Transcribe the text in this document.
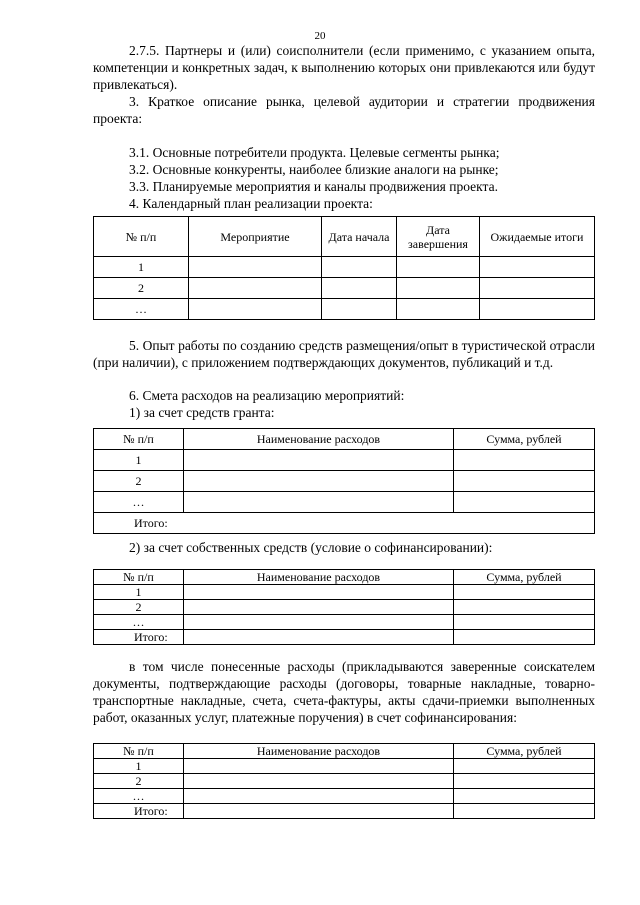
20
2.7.5. Партнеры и (или) соисполнители (если применимо, с указанием опыта, компетенции и конкретных задач, к выполнению которых они привлекаются или будут привлекаться).
3. Краткое описание рынка, целевой аудитории и стратегии продвижения проекта:
3.1. Основные потребители продукта. Целевые сегменты рынка;
3.2. Основные конкуренты, наиболее близкие аналоги на рынке;
3.3. Планируемые мероприятия и каналы продвижения проекта.
4. Календарный план реализации проекта:
№ п/п	Мероприятие	Дата начала	Дата завершения	Ожидаемые итоги
1				
2				
…				
5. Опыт работы по созданию средств размещения/опыт в туристической отрасли (при наличии), с приложением подтверждающих документов, публикаций и т.д.
6. Смета расходов на реализацию мероприятий:
1) за счет средств гранта:
№ п/п	Наименование расходов	Сумма, рублей
1		
2		
…		
Итого:		
2) за счет собственных средств (условие о софинансировании):
№ п/п	Наименование расходов	Сумма, рублей
1		
2		
…		
Итого:		
в том числе понесенные расходы (прикладываются заверенные соискателем документы, подтверждающие расходы (договоры, товарные накладные, товарно-транспортные накладные, счета, счета-фактуры, акты сдачи-приемки выполненных работ, оказанных услуг, платежные поручения) в счет софинансирования:
№ п/п	Наименование расходов	Сумма, рублей
1		
2		
…		
Итого:		
